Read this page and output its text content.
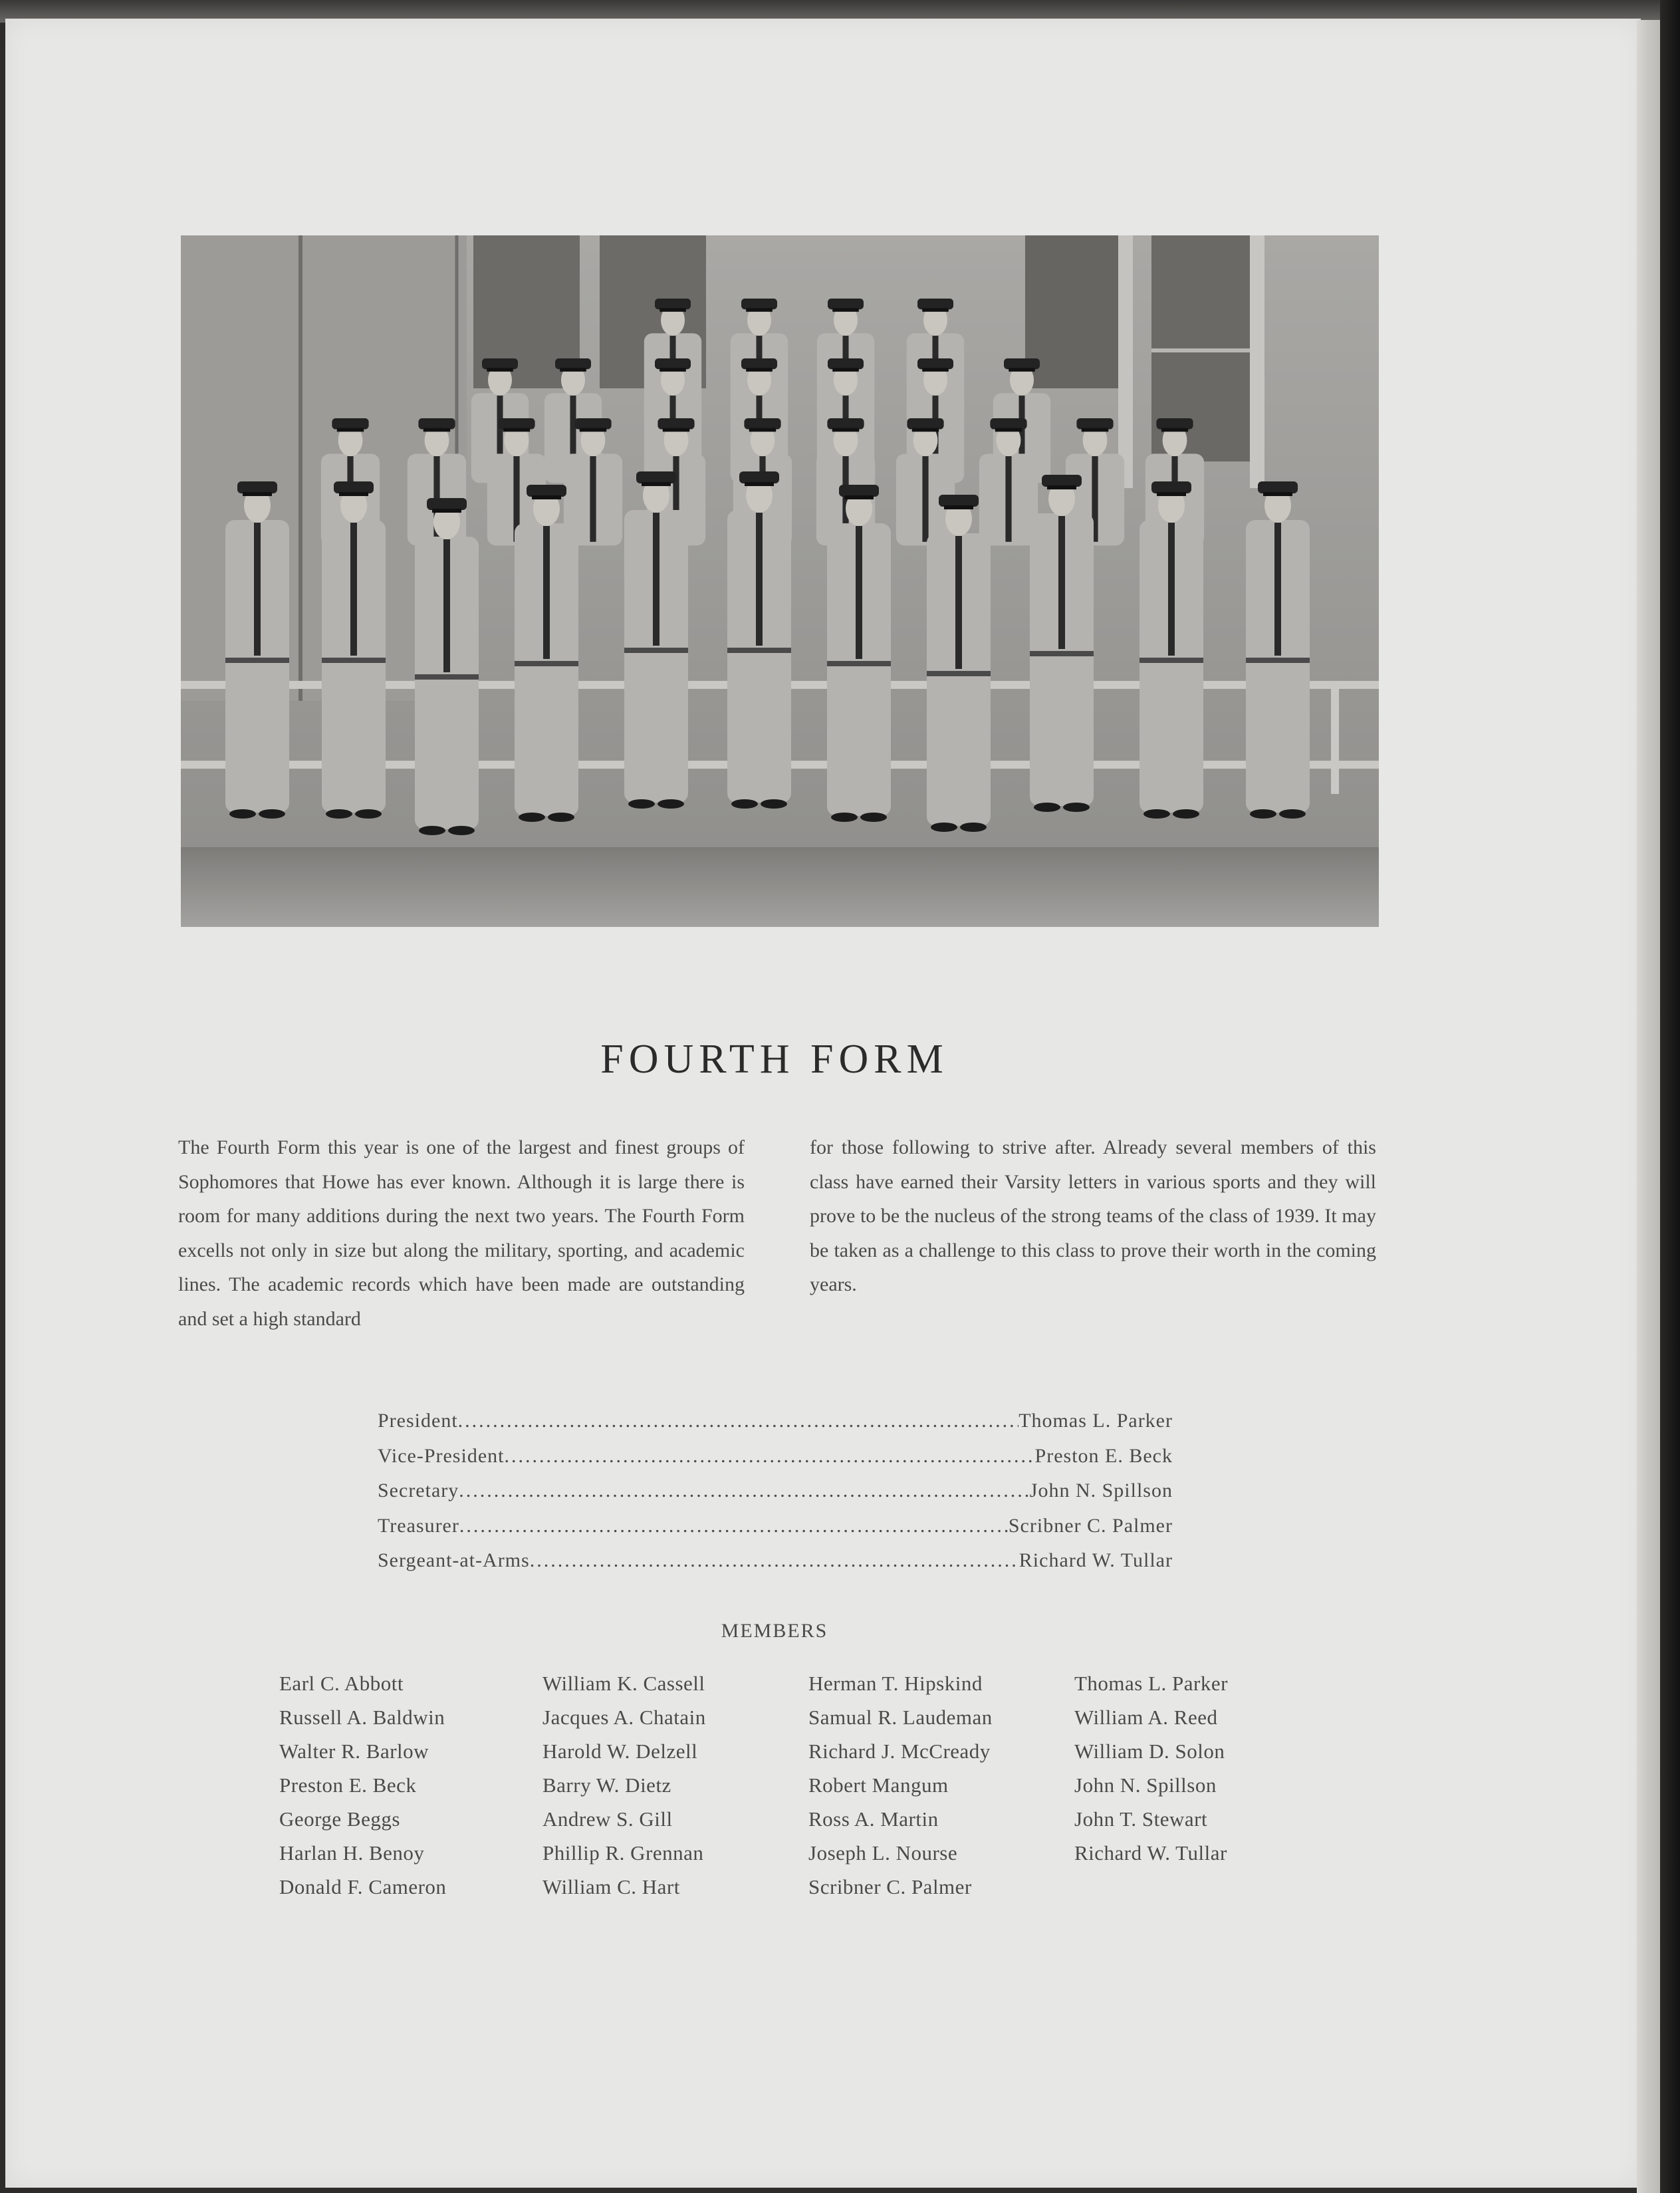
FOURTH FORM
The Fourth Form this year is one of the largest and finest groups of Sophomores that Howe has ever known. Although it is large there is room for many additions during the next two years. The Fourth Form excells not only in size but along the military, sporting, and academic lines. The academic records which have been made are outstanding and set a high standard
for those following to strive after. Already several members of this class have earned their Varsity letters in various sports and they will prove to be the nucleus of the strong teams of the class of 1939. It may be taken as a challenge to this class to prove their worth in the coming years.
President .....	Thomas L. Parker
Vice-President .....	Preston E. Beck
Secretary .....	John N. Spillson
Treasurer .....	Scribner C. Palmer
Sergeant-at-Arms .....	Richard W. Tullar
MEMBERS
Earl C. Abbott
Russell A. Baldwin
Walter R. Barlow
Preston E. Beck
George Beggs
Harlan H. Benoy
Donald F. Cameron
William K. Cassell
Jacques A. Chatain
Harold W. Delzell
Barry W. Dietz
Andrew S. Gill
Phillip R. Grennan
William C. Hart
Herman T. Hipskind
Samual R. Laudeman
Richard J. McCready
Robert Mangum
Ross A. Martin
Joseph L. Nourse
Scribner C. Palmer
Thomas L. Parker
William A. Reed
William D. Solon
John N. Spillson
John T. Stewart
Richard W. Tullar
